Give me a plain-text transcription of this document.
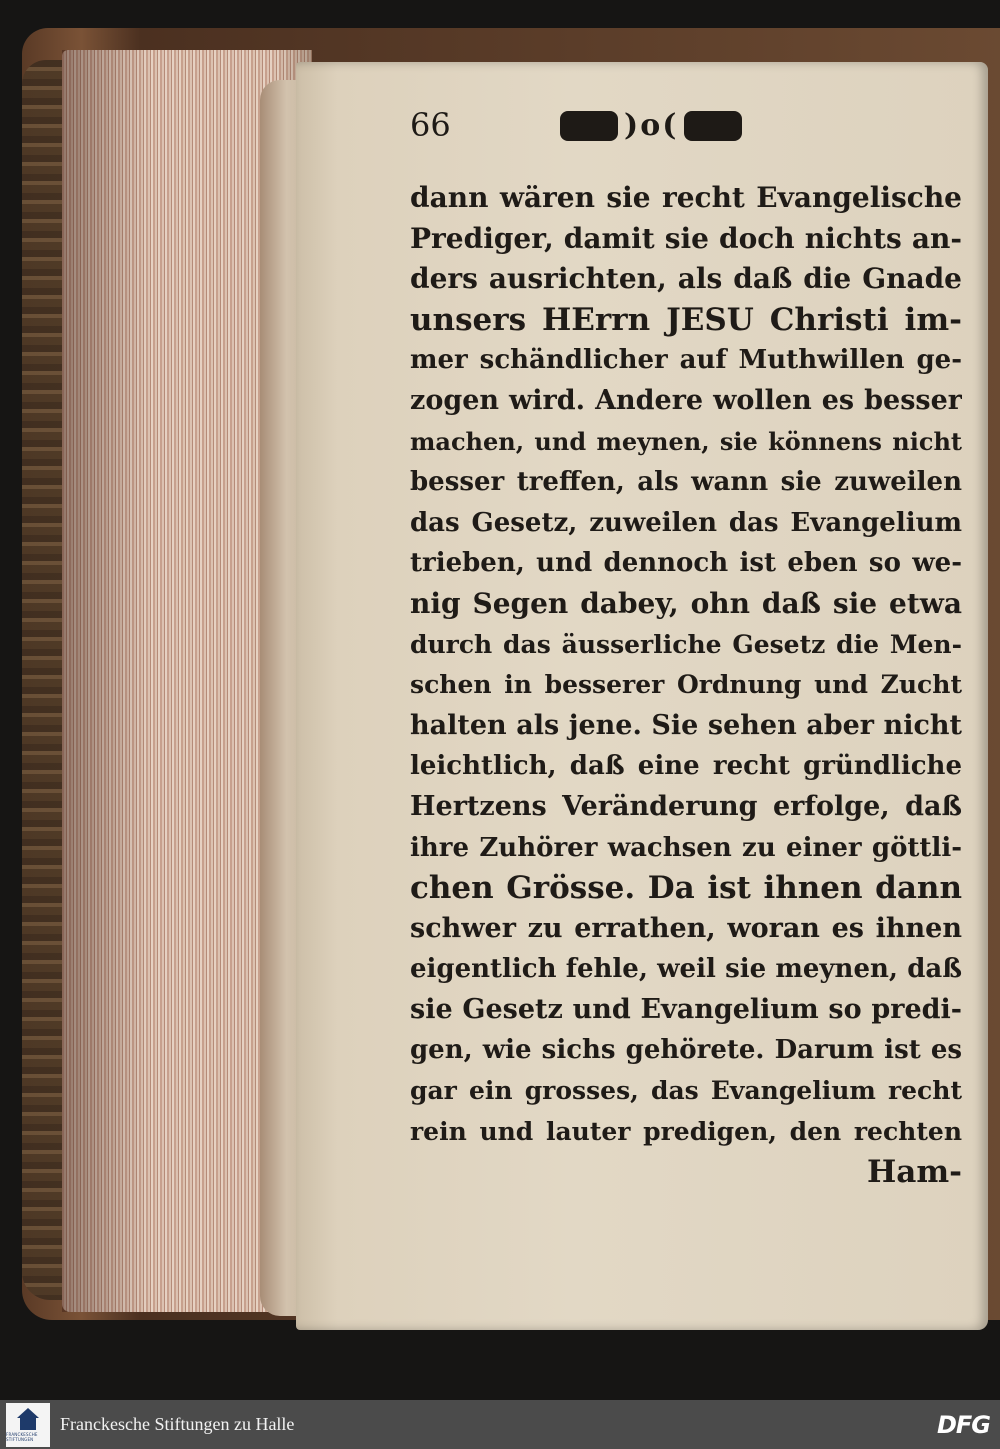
66	)o(
dann wären sie recht Evangelische
Prediger, damit sie doch nichts an-
ders ausrichten, als daß die Gnade
unsers HErrn JESU Christi im-
mer schändlicher auf Muthwillen ge-
zogen wird. Andere wollen es besser
machen, und meynen, sie könnens nicht
besser treffen, als wann sie zuweilen
das Gesetz, zuweilen das Evangelium
trieben, und dennoch ist eben so we-
nig Segen dabey, ohn daß sie etwa
durch das äusserliche Gesetz die Men-
schen in besserer Ordnung und Zucht
halten als jene. Sie sehen aber nicht
leichtlich, daß eine recht gründliche
Hertzens Veränderung erfolge, daß
ihre Zuhörer wachsen zu einer göttli-
chen Grösse. Da ist ihnen dann
schwer zu errathen, woran es ihnen
eigentlich fehle, weil sie meynen, daß
sie Gesetz und Evangelium so predi-
gen, wie sichs gehörete. Darum ist es
gar ein grosses, das Evangelium recht
rein und lauter predigen, den rechten
Ham-
FRANCKESCHE STIFTUNGEN
Franckesche Stiftungen zu Halle	DFG
